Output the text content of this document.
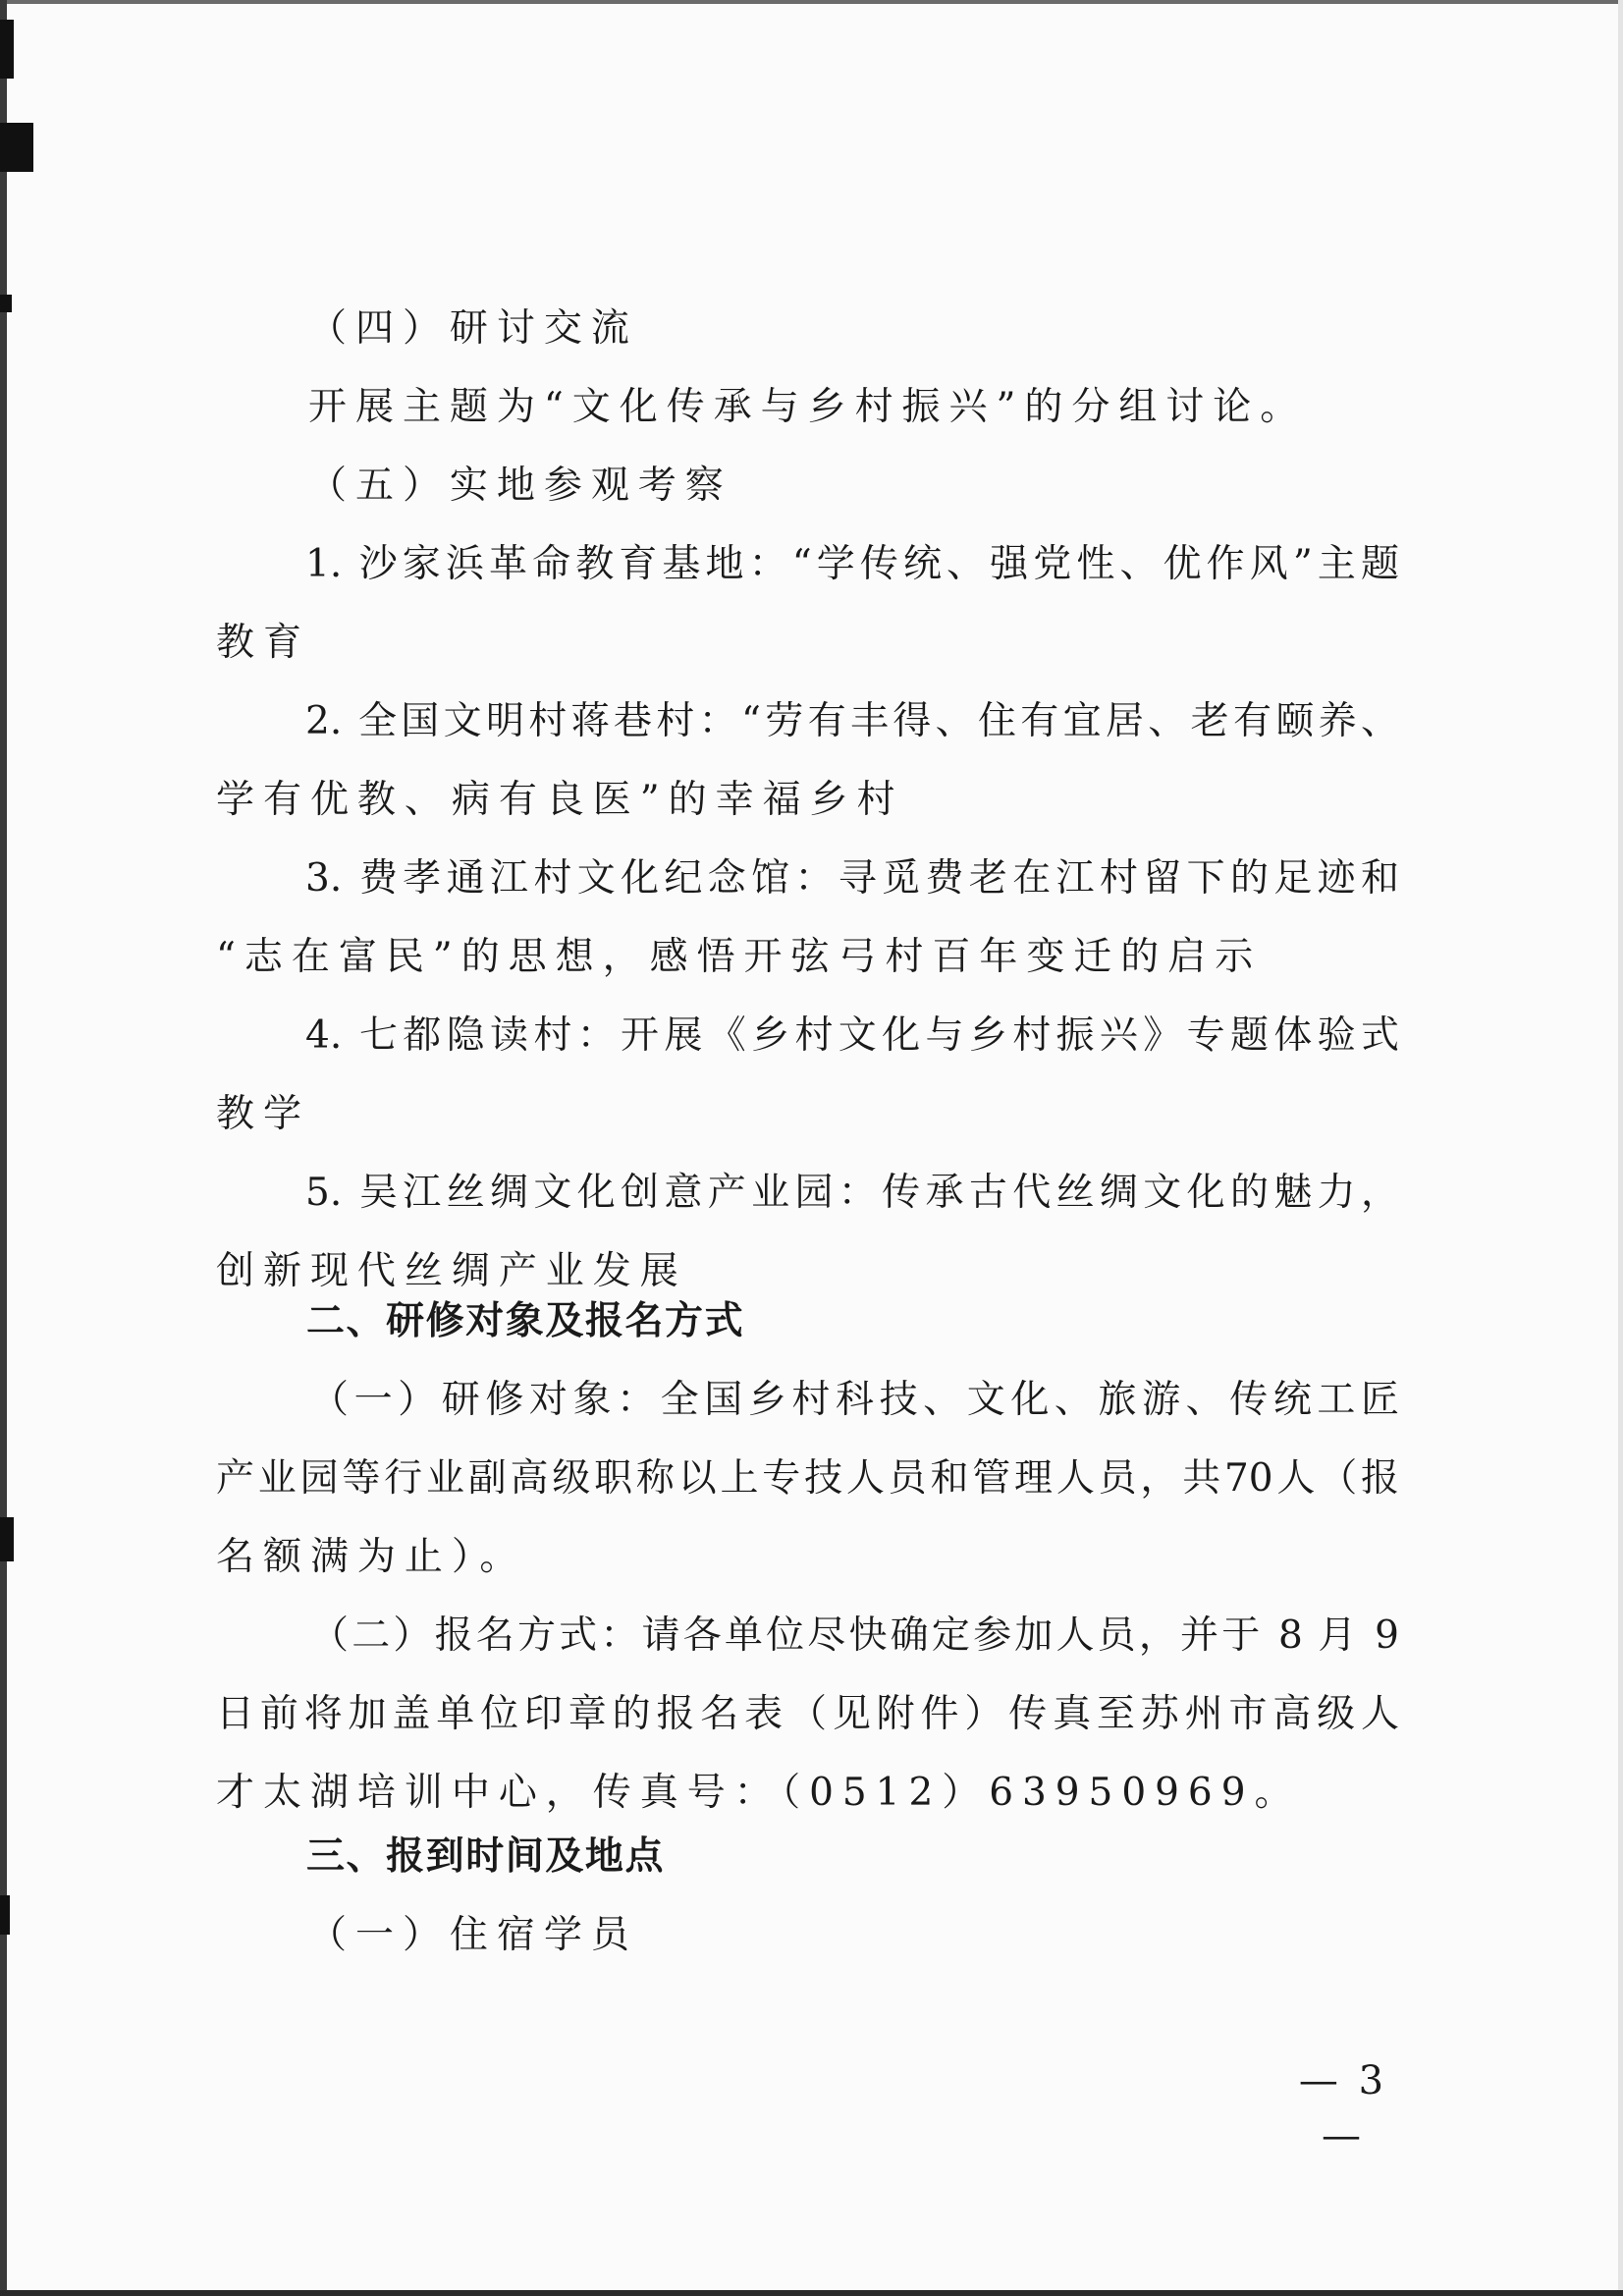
（四）研讨交流
开展主题为“文化传承与乡村振兴”的分组讨论。
（五）实地参观考察
1. 沙家浜革命教育基地：“学传统、强党性、优作风”主题
教育
2. 全国文明村蒋巷村：“劳有丰得、住有宜居、老有颐养、
学有优教、病有良医”的幸福乡村
3. 费孝通江村文化纪念馆：寻觅费老在江村留下的足迹和
“志在富民”的思想，感悟开弦弓村百年变迁的启示
4. 七都隐读村：开展《乡村文化与乡村振兴》专题体验式
教学
5. 吴江丝绸文化创意产业园：传承古代丝绸文化的魅力，
创新现代丝绸产业发展
二、研修对象及报名方式
（一）研修对象：全国乡村科技、文化、旅游、传统工匠
产业园等行业副高级职称以上专技人员和管理人员，共70人（报
名额满为止）。
（二）报名方式：请各单位尽快确定参加人员，并于 8 月 9
日前将加盖单位印章的报名表（见附件）传真至苏州市高级人
才太湖培训中心，传真号：（0512）63950969。
三、报到时间及地点
（一）住宿学员
— 3 —
